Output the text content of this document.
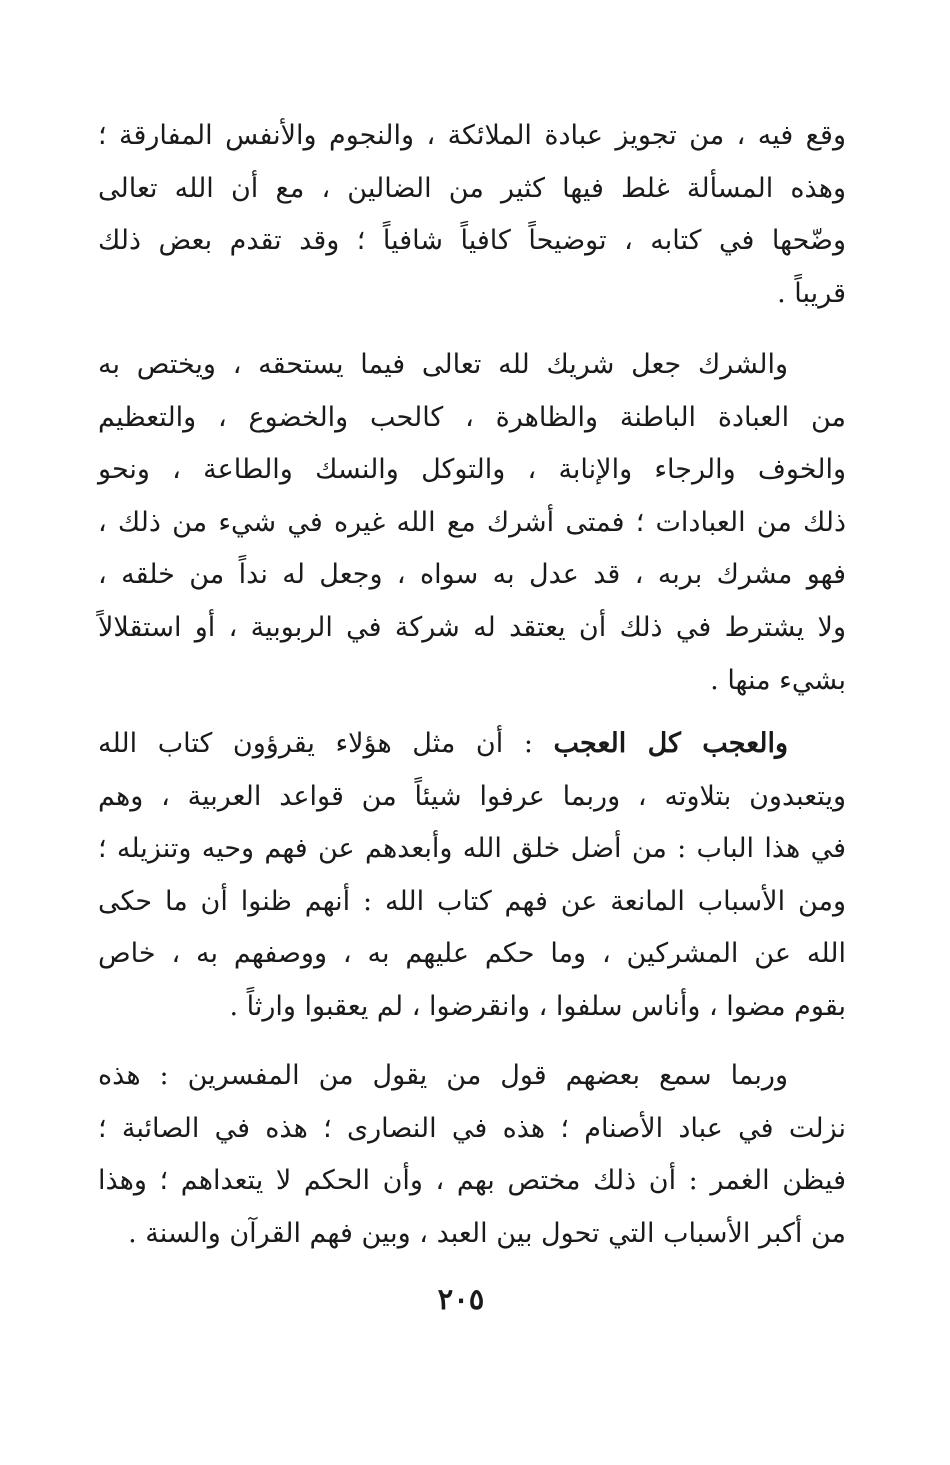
وقع فيه ، من تجويز عبادة الملائكة ، والنجوم والأنفس المفارقة ؛
وهذه المسألة غلط فيها كثير من الضالين ، مع أن الله تعالى
وضّحها في كتابه ، توضيحاً كافياً شافياً ؛ وقد تقدم بعض ذلك
قريباً .
والشرك جعل شريك لله تعالى فيما يستحقه ، ويختص به
من العبادة الباطنة والظاهرة ، كالحب والخضوع ، والتعظيم
والخوف والرجاء والإنابة ، والتوكل والنسك والطاعة ، ونحو
ذلك من العبادات ؛ فمتى أشرك مع الله غيره في شيء من ذلك ،
فهو مشرك بربه ، قد عدل به سواه ، وجعل له نداً من خلقه ،
ولا يشترط في ذلك أن يعتقد له شركة في الربوبية ، أو استقلالاً
بشيء منها .
والعجب كل العجب : أن مثل هؤلاء يقرؤون كتاب الله
ويتعبدون بتلاوته ، وربما عرفوا شيئاً من قواعد العربية ، وهم
في هذا الباب : من أضل خلق الله وأبعدهم عن فهم وحيه وتنزيله ؛
ومن الأسباب المانعة عن فهم كتاب الله : أنهم ظنوا أن ما حكى
الله عن المشركين ، وما حكم عليهم به ، ووصفهم به ، خاص
بقوم مضوا ، وأناس سلفوا ، وانقرضوا ، لم يعقبوا وارثاً .
وربما سمع بعضهم قول من يقول من المفسرين : هذه
نزلت في عباد الأصنام ؛ هذه في النصارى ؛ هذه في الصائبة ؛
فيظن الغمر : أن ذلك مختص بهم ، وأن الحكم لا يتعداهم ؛ وهذا
من أكبر الأسباب التي تحول بين العبد ، وبين فهم القرآن والسنة .
٢٠٥
